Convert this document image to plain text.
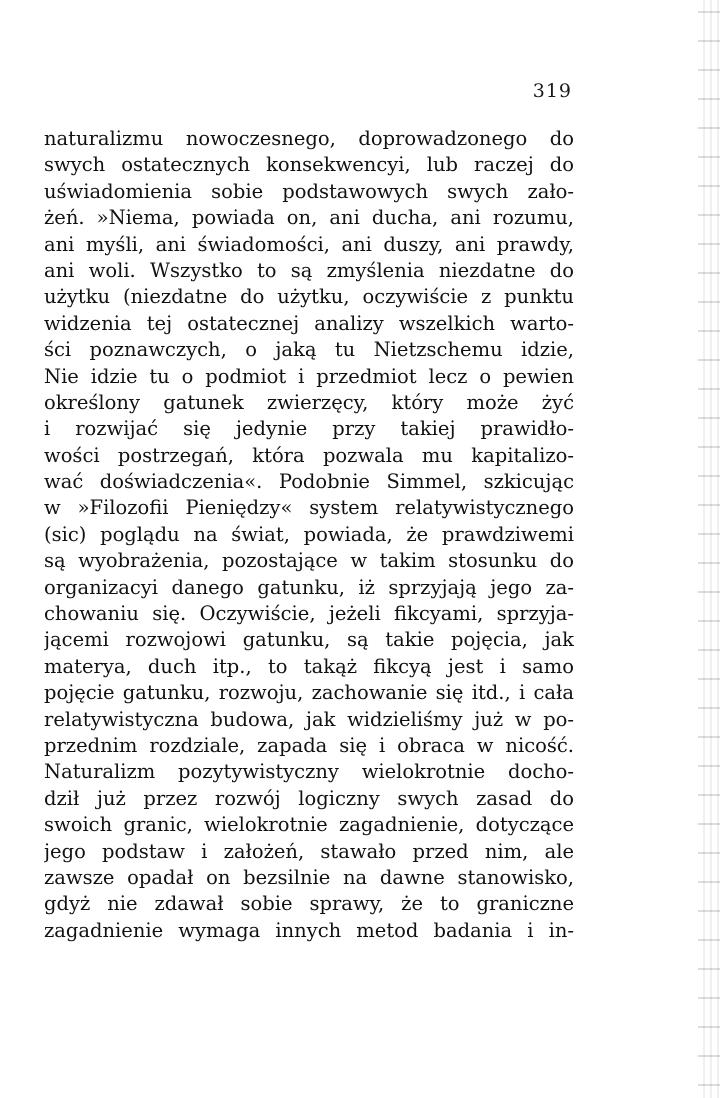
319
naturalizmu nowoczesnego, doprowadzonego do
swych ostatecznych konsekwencyi, lub raczej do
uświadomienia sobie podstawowych swych zało-
żeń. »Niema, powiada on, ani ducha, ani rozumu,
ani myśli, ani świadomości, ani duszy, ani prawdy,
ani woli. Wszystko to są zmyślenia niezdatne do
użytku (niezdatne do użytku, oczywiście z punktu
widzenia tej ostatecznej analizy wszelkich warto-
ści poznawczych, o jaką tu Nietzschemu idzie,
Nie idzie tu o podmiot i przedmiot lecz o pewien
określony gatunek zwierzęcy, który może żyć
i rozwijać się jedynie przy takiej prawidło-
wości postrzegań, która pozwala mu kapitalizo-
wać doświadczenia«. Podobnie Simmel, szkicując
w »Filozofii Pieniędzy« system relatywistycznego
(sic) poglądu na świat, powiada, że prawdziwemi
są wyobrażenia, pozostające w takim stosunku do
organizacyi danego gatunku, iż sprzyjają jego za-
chowaniu się. Oczywiście, jeżeli fikcyami, sprzyja-
jącemi rozwojowi gatunku, są takie pojęcia, jak
materya, duch itp., to takąż fikcyą jest i samo
pojęcie gatunku, rozwoju, zachowanie się itd., i cała
relatywistyczna budowa, jak widzieliśmy już w po-
przednim rozdziale, zapada się i obraca w nicość.
Naturalizm pozytywistyczny wielokrotnie docho-
dził już przez rozwój logiczny swych zasad do
swoich granic, wielokrotnie zagadnienie, dotyczące
jego podstaw i założeń, stawało przed nim, ale
zawsze opadał on bezsilnie na dawne stanowisko,
gdyż nie zdawał sobie sprawy, że to graniczne
zagadnienie wymaga innych metod badania i in-
